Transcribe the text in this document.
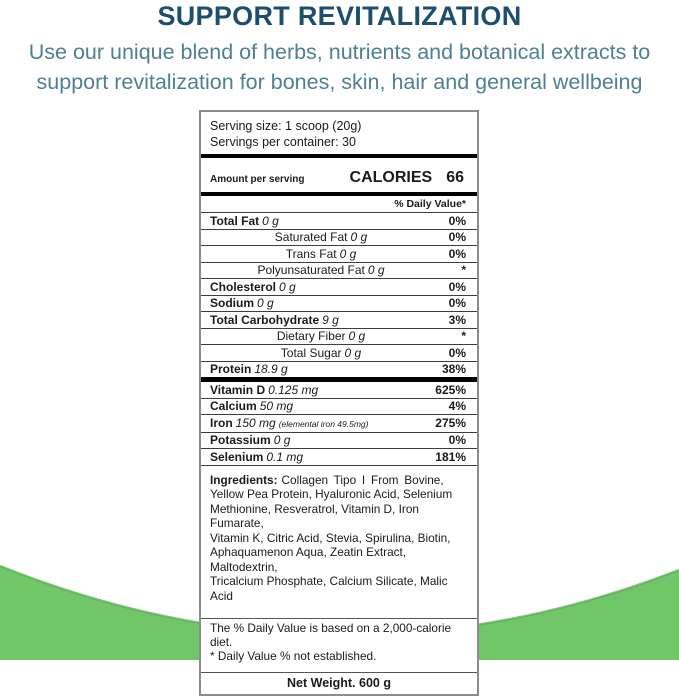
SUPPORT REVITALIZATION
Use our unique blend of herbs, nutrients and botanical extracts to
support revitalization for bones, skin, hair and general wellbeing
Serving size: 1 scoop (20g)
Servings per container: 30
Amount per serving	CALORIES 66
% Daily Value*
Total Fat 0 g	0%
Saturated Fat 0 g	0%
Trans Fat 0 g	0%
Polyunsaturated Fat 0 g	*
Cholesterol 0 g	0%
Sodium 0 g	0%
Total Carbohydrate 9 g	3%
Dietary Fiber 0 g	*
Total Sugar 0 g	0%
Protein 18.9 g	38%
Vitamin D 0.125 mg	625%
Calcium 50 mg	4%
Iron 150 mg (elemental iron 49.5mg)	275%
Potassium 0 g	0%
Selenium 0.1 mg	181%
Ingredients: Collagen Tipo I From Bovine,
Yellow Pea Protein, Hyaluronic Acid, Selenium
Methionine, Resveratrol, Vitamin D, Iron Fumarate,
Vitamin K, Citric Acid, Stevia, Spirulina, Biotin,
Aphaquamenon Aqua, Zeatin Extract, Maltodextrin,
Tricalcium Phosphate, Calcium Silicate, Malic Acid
The % Daily Value is based on a 2,000-calorie diet.
* Daily Value % not established.
Net Weight. 600 g
